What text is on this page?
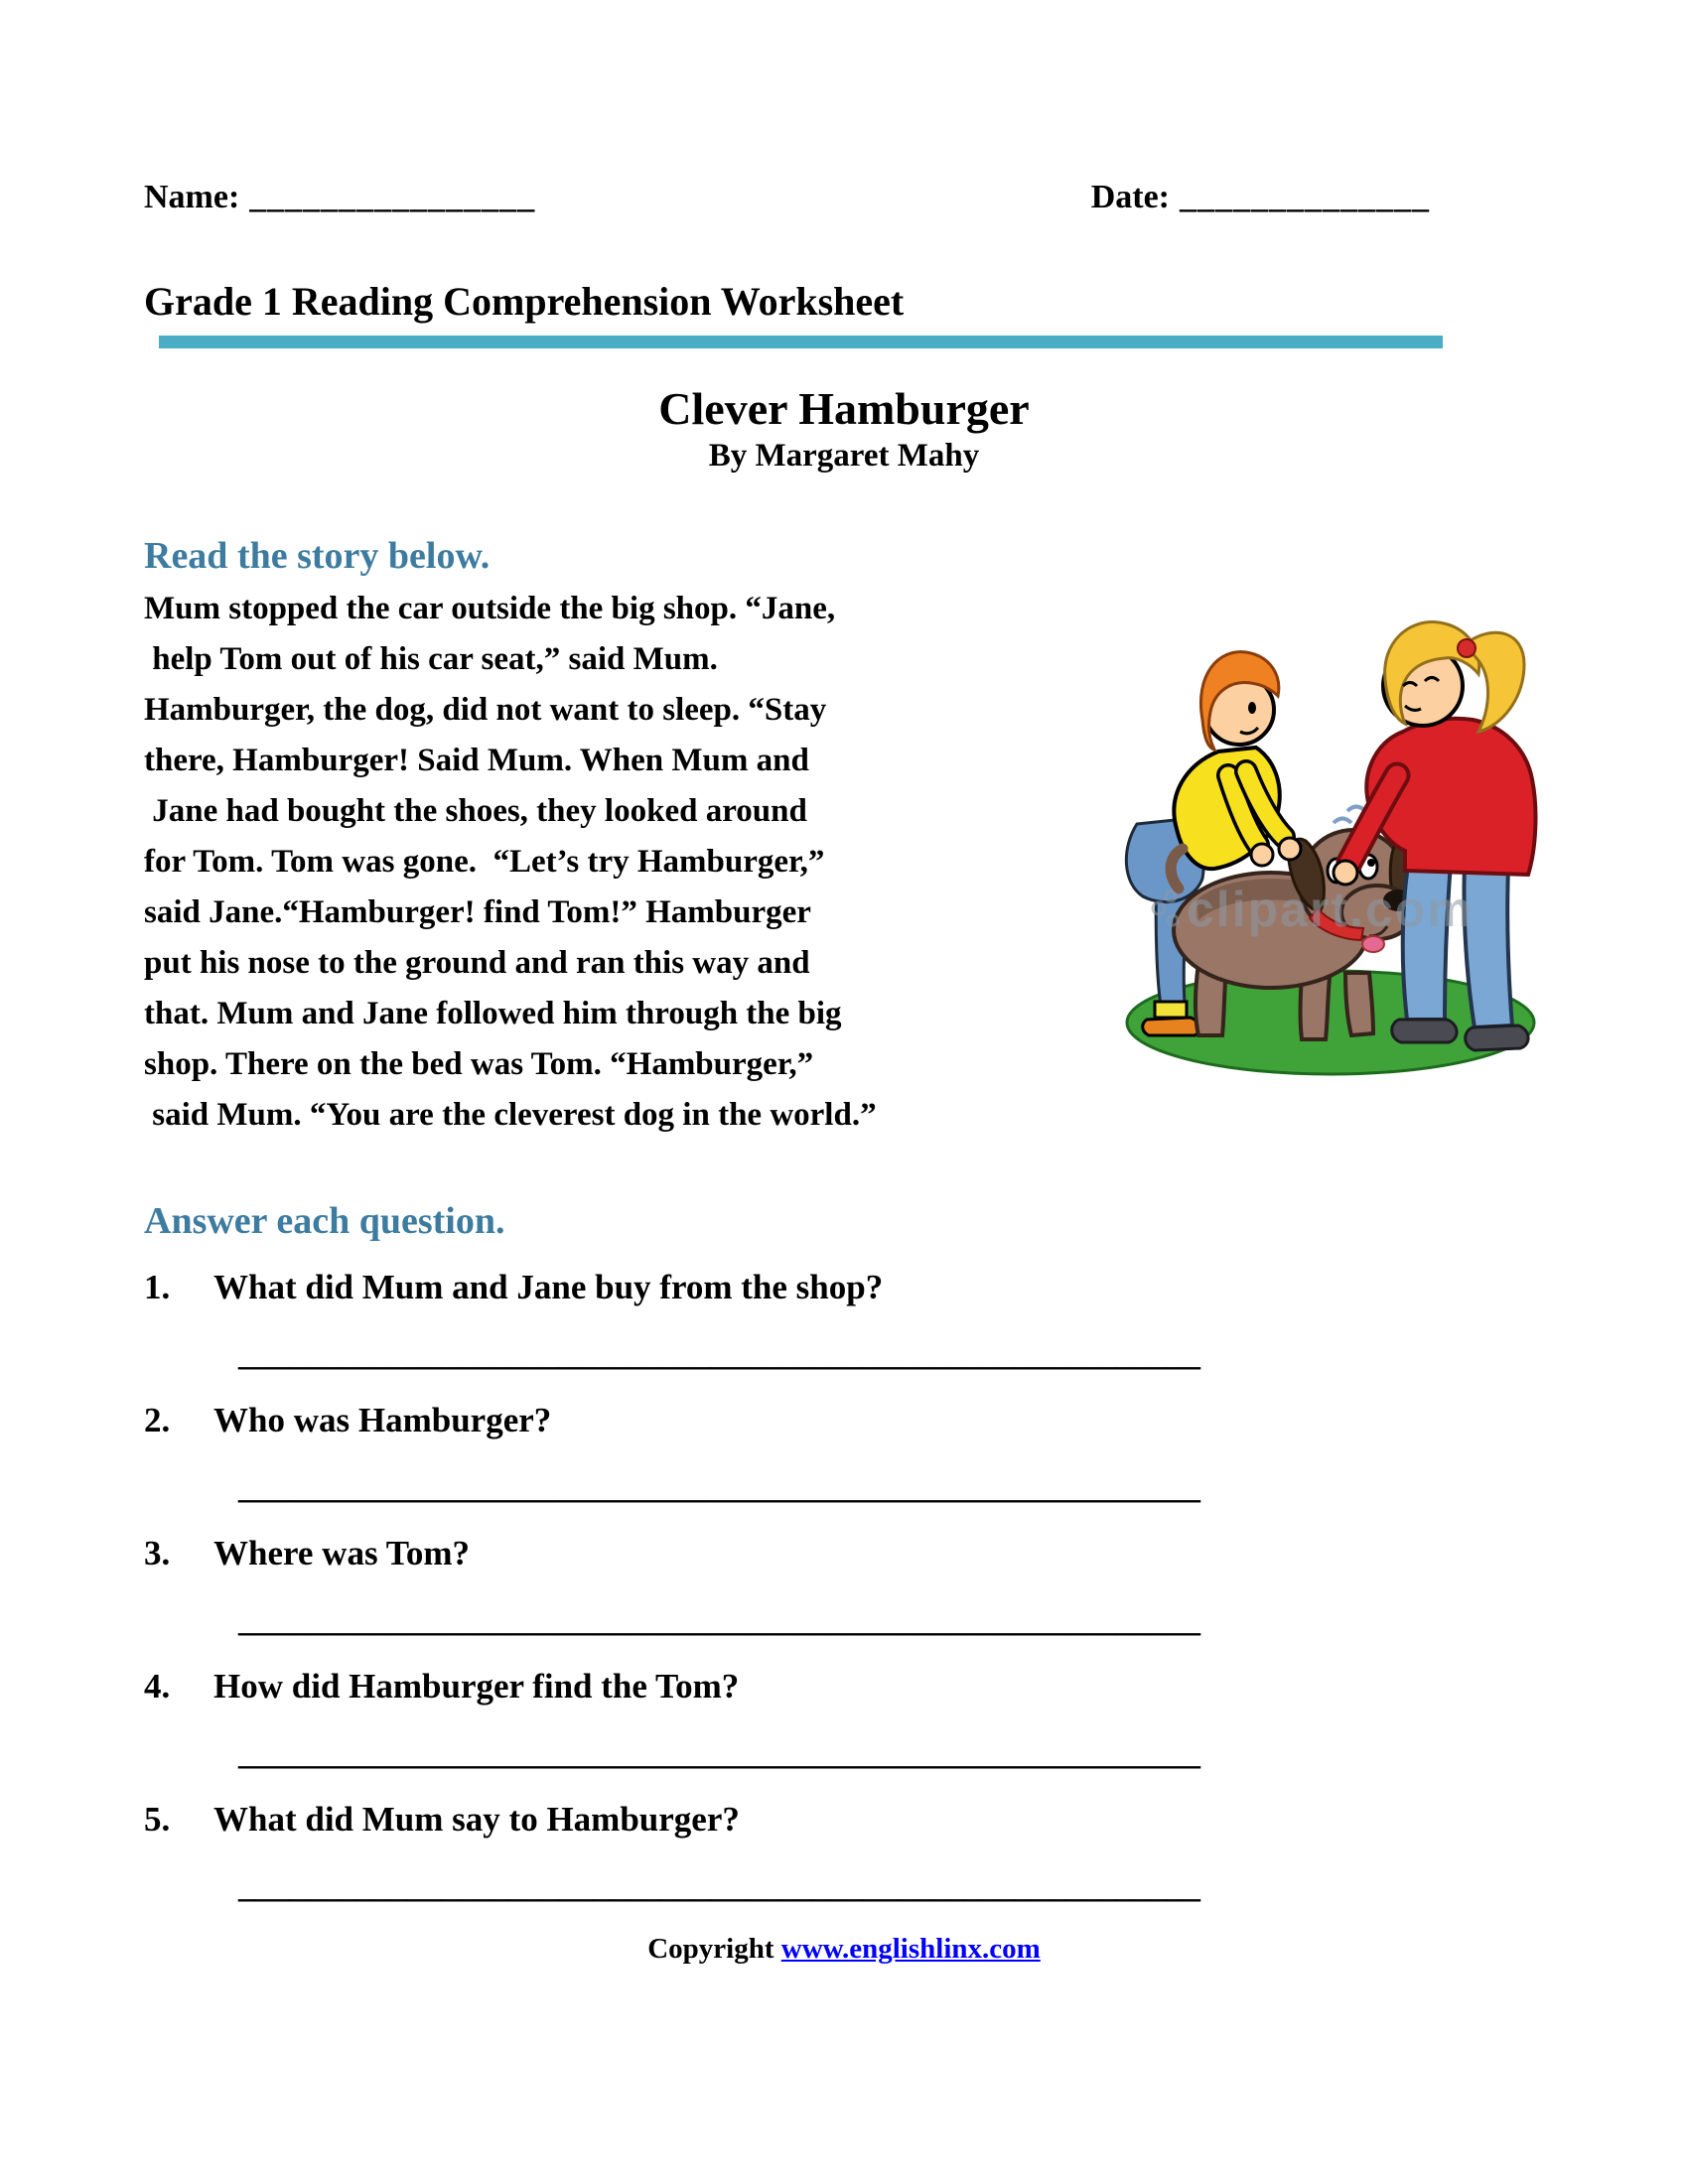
Name: ________________	Date: ______________
Grade 1 Reading Comprehension Worksheet
Clever Hamburger
By Margaret Mahy
Read the story below.
Mum stopped the car outside the big shop. “Jane,
help Tom out of his car seat,” said Mum.
Hamburger, the dog, did not want to sleep. “Stay
there, Hamburger! Said Mum. When Mum and
Jane had bought the shoes, they looked around
for Tom. Tom was gone.  “Let’s try Hamburger,”
said Jane.“Hamburger! find Tom!” Hamburger
put his nose to the ground and ran this way and
that. Mum and Jane followed him through the big
shop. There on the bed was Tom. “Hamburger,”
said Mum. “You are the cleverest dog in the world.”
clipart.com
Answer each question.
1.	What did Mum and Jane buy from the shop?
_________________________________________________________
2.	Who was Hamburger?
_________________________________________________________
3.	Where was Tom?
_________________________________________________________
4.	How did Hamburger find the Tom?
_________________________________________________________
5.	What did Mum say to Hamburger?
_________________________________________________________
Copyright www.englishlinx.com
